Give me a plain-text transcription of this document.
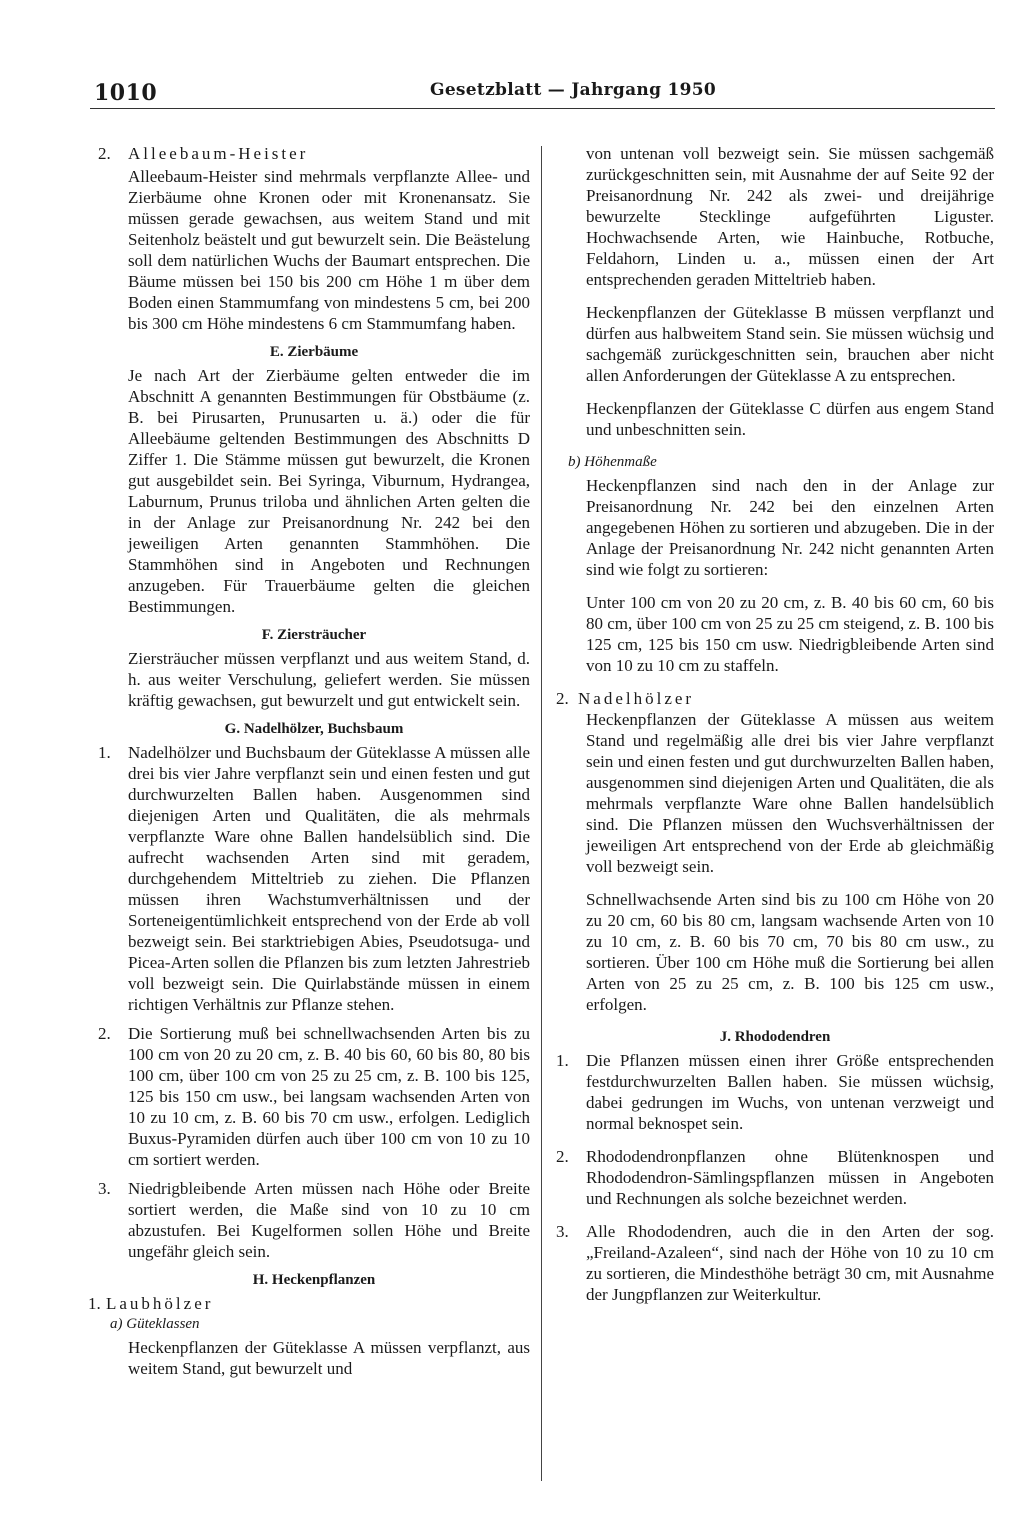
1010	Gesetzblatt — Jahrgang 1950
2.	Alleebaum-Heister

Alleebaum-Heister sind mehrmals verpflanzte Allee- und Zierbäume ohne Kronen oder mit Kronenansatz. Sie müssen gerade gewachsen, aus weitem Stand und mit Seitenholz beästelt und gut bewurzelt sein. Die Beästelung soll dem natürlichen Wuchs der Baumart entsprechen. Die Bäume müssen bei 150 bis 200 cm Höhe 1 m über dem Boden einen Stammumfang von mindestens 5 cm, bei 200 bis 300 cm Höhe mindestens 6 cm Stammumfang haben.

E. Zierbäume

Je nach Art der Zierbäume gelten entweder die im Abschnitt A genannten Bestimmungen für Obstbäume (z. B. bei Pirusarten, Prunusarten u. ä.) oder die für Alleebäume geltenden Bestimmungen des Abschnitts D Ziffer 1. Die Stämme müssen gut bewurzelt, die Kronen gut ausgebildet sein. Bei Syringa, Viburnum, Hydrangea, Laburnum, Prunus triloba und ähnlichen Arten gelten die in der Anlage zur Preisanordnung Nr. 242 bei den jeweiligen Arten genannten Stammhöhen. Die Stammhöhen sind in Angeboten und Rechnungen anzugeben. Für Trauerbäume gelten die gleichen Bestimmungen.

F. Ziersträucher

Ziersträucher müssen verpflanzt und aus weitem Stand, d. h. aus weiter Verschulung, geliefert werden. Sie müssen kräftig gewachsen, gut bewurzelt und gut entwickelt sein.

G. Nadelhölzer, Buchsbaum
1.	Nadelhölzer und Buchsbaum der Güteklasse A müssen alle drei bis vier Jahre verpflanzt sein und einen festen und gut durchwurzelten Ballen haben. Ausgenommen sind diejenigen Arten und Qualitäten, die als mehrmals verpflanzte Ware ohne Ballen handelsüblich sind. Die aufrecht wachsenden Arten sind mit geradem, durchgehendem Mitteltrieb zu ziehen. Die Pflanzen müssen ihren Wachstumverhältnissen und der Sorteneigentümlichkeit entsprechend von der Erde ab voll bezweigt sein. Bei starktriebigen Abies, Pseudotsuga- und Picea-Arten sollen die Pflanzen bis zum letzten Jahrestrieb voll bezweigt sein. Die Quirlabstände müssen in einem richtigen Verhältnis zur Pflanze stehen.
2.	Die Sortierung muß bei schnellwachsenden Arten bis zu 100 cm von 20 zu 20 cm, z. B. 40 bis 60, 60 bis 80, 80 bis 100 cm, über 100 cm von 25 zu 25 cm, z. B. 100 bis 125, 125 bis 150 cm usw., bei langsam wachsenden Arten von 10 zu 10 cm, z. B. 60 bis 70 cm usw., erfolgen. Lediglich Buxus-Pyramiden dürfen auch über 100 cm von 10 zu 10 cm sortiert werden.
3.	Niedrigbleibende Arten müssen nach Höhe oder Breite sortiert werden, die Maße sind von 10 zu 10 cm abzustufen. Bei Kugelformen sollen Höhe und Breite ungefähr gleich sein.
H. Heckenpflanzen
1. Laubhölzer
a) Güteklassen

Heckenpflanzen der Güteklasse A müssen verpflanzt, aus weitem Stand, gut bewurzelt und

von untenan voll bezweigt sein. Sie müssen sachgemäß zurückgeschnitten sein, mit Ausnahme der auf Seite 92 der Preisanordnung Nr. 242 als zwei- und dreijährige bewurzelte Stecklinge aufgeführten Liguster. Hochwachsende Arten, wie Hainbuche, Rotbuche, Feldahorn, Linden u. a., müssen einen der Art entsprechenden geraden Mitteltrieb haben.

Heckenpflanzen der Güteklasse B müssen verpflanzt und dürfen aus halbweitem Stand sein. Sie müssen wüchsig und sachgemäß zurückgeschnitten sein, brauchen aber nicht allen Anforderungen der Güteklasse A zu entsprechen.

Heckenpflanzen der Güteklasse C dürfen aus engem Stand und unbeschnitten sein.

b) Höhenmaße

Heckenpflanzen sind nach den in der Anlage zur Preisanordnung Nr. 242 bei den einzelnen Arten angegebenen Höhen zu sortieren und abzugeben. Die in der Anlage der Preisanordnung Nr. 242 nicht genannten Arten sind wie folgt zu sortieren:

Unter 100 cm von 20 zu 20 cm, z. B. 40 bis 60 cm, 60 bis 80 cm, über 100 cm von 25 zu 25 cm steigend, z. B. 100 bis 125 cm, 125 bis 150 cm usw. Niedrigbleibende Arten sind von 10 zu 10 cm zu staffeln.

2. Nadelhölzer

Heckenpflanzen der Güteklasse A müssen aus weitem Stand und regelmäßig alle drei bis vier Jahre verpflanzt sein und einen festen und gut durchwurzelten Ballen haben, ausgenommen sind diejenigen Arten und Qualitäten, die als mehrmals verpflanzte Ware ohne Ballen handelsüblich sind. Die Pflanzen müssen den Wuchsverhältnissen der jeweiligen Art entsprechend von der Erde ab gleichmäßig voll bezweigt sein.

Schnellwachsende Arten sind bis zu 100 cm Höhe von 20 zu 20 cm, 60 bis 80 cm, langsam wachsende Arten von 10 zu 10 cm, z. B. 60 bis 70 cm, 70 bis 80 cm usw., zu sortieren. Über 100 cm Höhe muß die Sortierung bei allen Arten von 25 zu 25 cm, z. B. 100 bis 125 cm usw., erfolgen.

J. Rhododendren
1.	Die Pflanzen müssen einen ihrer Größe entsprechenden festdurchwurzelten Ballen haben. Sie müssen wüchsig, dabei gedrungen im Wuchs, von untenan verzweigt und normal beknospet sein.
2.	Rhododendronpflanzen ohne Blütenknospen und Rhododendron-Sämlingspflanzen müssen in Angeboten und Rechnungen als solche bezeichnet werden.
3.	Alle Rhododendren, auch die in den Arten der sog. „Freiland-Azaleen“, sind nach der Höhe von 10 zu 10 cm zu sortieren, die Mindesthöhe beträgt 30 cm, mit Ausnahme der Jungpflanzen zur Weiterkultur.
